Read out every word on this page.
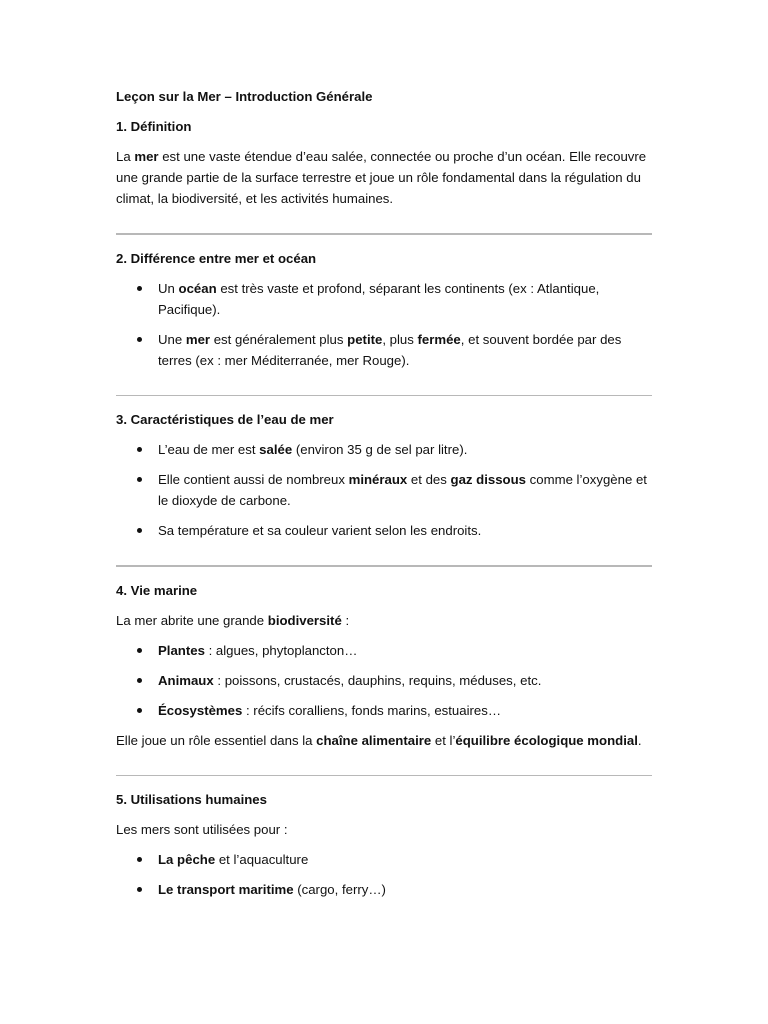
Leçon sur la Mer – Introduction Générale
1. Définition

La mer est une vaste étendue d’eau salée, connectée ou proche d’un océan. Elle recouvre une grande partie de la surface terrestre et joue un rôle fondamental dans la régulation du climat, la biodiversité, et les activités humaines.

2. Différence entre mer et océan
Un océan est très vaste et profond, séparant les continents (ex : Atlantique, Pacifique).
Une mer est généralement plus petite, plus fermée, et souvent bordée par des terres (ex : mer Méditerranée, mer Rouge).
3. Caractéristiques de l’eau de mer
L’eau de mer est salée (environ 35 g de sel par litre).
Elle contient aussi de nombreux minéraux et des gaz dissous comme l’oxygène et le dioxyde de carbone.
Sa température et sa couleur varient selon les endroits.
4. Vie marine

La mer abrite une grande biodiversité :

Plantes : algues, phytoplancton…
Animaux : poissons, crustacés, dauphins, requins, méduses, etc.
Écosystèmes : récifs coralliens, fonds marins, estuaires…

Elle joue un rôle essentiel dans la chaîne alimentaire et l’équilibre écologique mondial.

5. Utilisations humaines

Les mers sont utilisées pour :

La pêche et l’aquaculture
Le transport maritime (cargo, ferry…)
